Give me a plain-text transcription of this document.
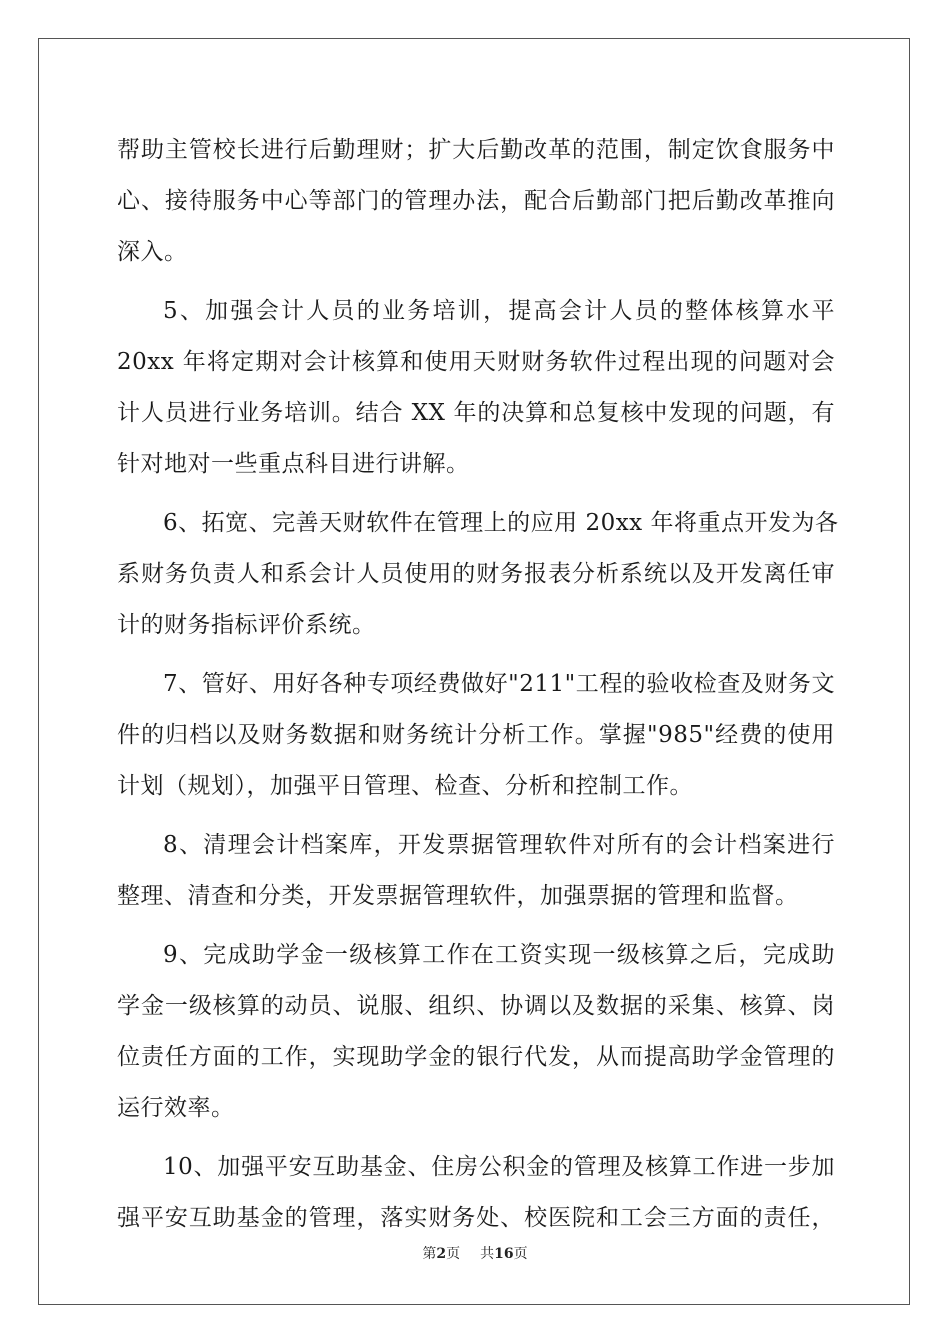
帮助主管校长进行后勤理财；扩大后勤改革的范围，制定饮食服务中
心、接待服务中心等部门的管理办法，配合后勤部门把后勤改革推向
深入。
5、加强会计人员的业务培训，提高会计人员的整体核算水平
20xx 年将定期对会计核算和使用天财财务软件过程出现的问题对会
计人员进行业务培训。结合 XX 年的决算和总复核中发现的问题，有
针对地对一些重点科目进行讲解。
6、拓宽、完善天财软件在管理上的应用 20xx 年将重点开发为各
系财务负责人和系会计人员使用的财务报表分析系统以及开发离任审
计的财务指标评价系统。
7、管好、用好各种专项经费做好"211"工程的验收检查及财务文
件的归档以及财务数据和财务统计分析工作。掌握"985"经费的使用
计划（规划），加强平日管理、检查、分析和控制工作。
8、清理会计档案库，开发票据管理软件对所有的会计档案进行
整理、清查和分类，开发票据管理软件，加强票据的管理和监督。
9、完成助学金一级核算工作在工资实现一级核算之后，完成助
学金一级核算的动员、说服、组织、协调以及数据的采集、核算、岗
位责任方面的工作，实现助学金的银行代发，从而提高助学金管理的
运行效率。
10、加强平安互助基金、住房公积金的管理及核算工作进一步加
强平安互助基金的管理，落实财务处、校医院和工会三方面的责任，
第2页 共16页
